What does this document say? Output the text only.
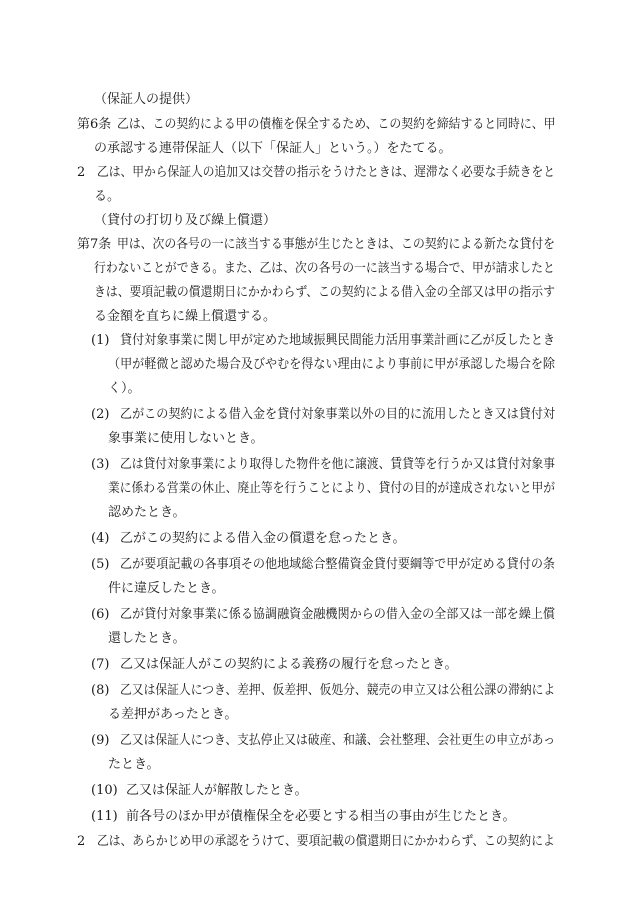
（保証人の提供）
第6条 乙は、この契約による甲の債権を保全するため、この契約を締結すると同時に、甲
の承認する連帯保証人（以下「保証人」という。）をたてる。
2 乙は、甲から保証人の追加又は交替の指示をうけたときは、遅滞なく必要な手続きをと
る。
（貸付の打切り及び繰上償還）
第7条 甲は、次の各号の一に該当する事態が生じたときは、この契約による新たな貸付を
行わないことができる。また、乙は、次の各号の一に該当する場合で、甲が請求したと
きは、要項記載の償還期日にかかわらず、この契約による借入金の全部又は甲の指示す
る金額を直ちに繰上償還する。
(1) 貸付対象事業に関し甲が定めた地域振興民間能力活用事業計画に乙が反したとき
（甲が軽微と認めた場合及びやむを得ない理由により事前に甲が承認した場合を除
く）。
(2) 乙がこの契約による借入金を貸付対象事業以外の目的に流用したとき又は貸付対
象事業に使用しないとき。
(3) 乙は貸付対象事業により取得した物件を他に譲渡、賃貸等を行うか又は貸付対象事
業に係わる営業の休止、廃止等を行うことにより、貸付の目的が達成されないと甲が
認めたとき。
(4) 乙がこの契約による借入金の償還を怠ったとき。
(5) 乙が要項記載の各事項その他地域総合整備資金貸付要綱等で甲が定める貸付の条
件に違反したとき。
(6) 乙が貸付対象事業に係る協調融資金融機関からの借入金の全部又は一部を繰上償
還したとき。
(7) 乙又は保証人がこの契約による義務の履行を怠ったとき。
(8) 乙又は保証人につき、差押、仮差押、仮処分、競売の申立又は公租公課の滞納によ
る差押があったとき。
(9) 乙又は保証人につき、支払停止又は破産、和議、会社整理、会社更生の申立があっ
たとき。
(10) 乙又は保証人が解散したとき。
(11) 前各号のほか甲が債権保全を必要とする相当の事由が生じたとき。
2 乙は、あらかじめ甲の承認をうけて、要項記載の償還期日にかかわらず、この契約によ
